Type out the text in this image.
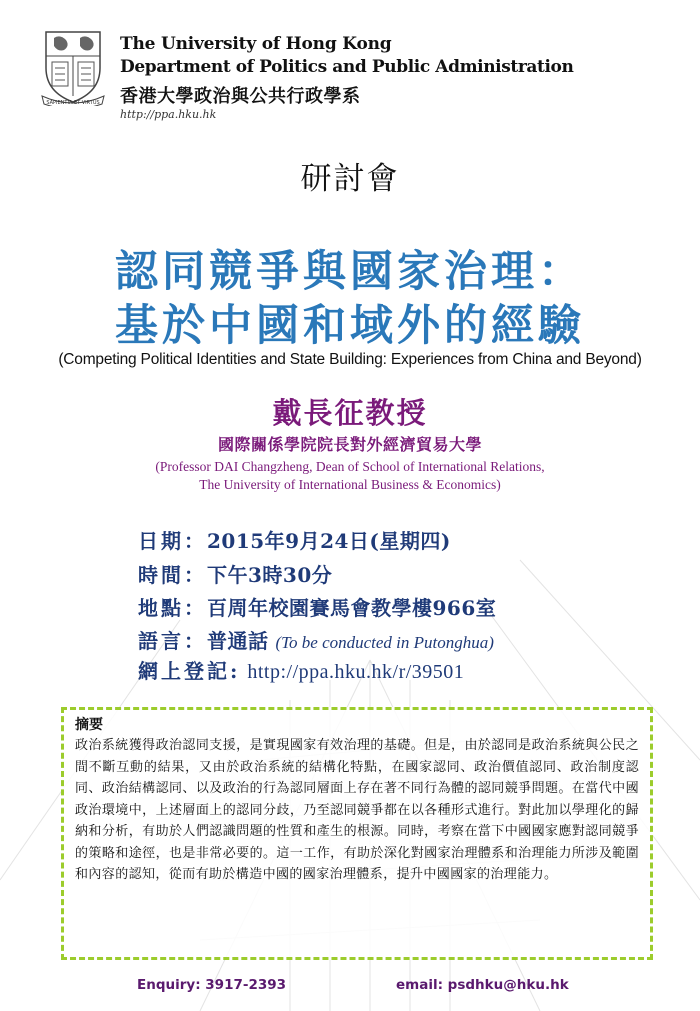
SAPIENTIA ET VIRTUS
The University of Hong Kong
Department of Politics and Public Administration
香港大學政治與公共行政學系
http://ppa.hku.hk
研討會
認同競爭與國家治理：
基於中國和域外的經驗
(Competing Political Identities and State Building: Experiences from China and Beyond)
戴長征教授
國際關係學院院長對外經濟貿易大學
(Professor DAI Changzheng, Dean of School of International Relations,
The University of International Business & Economics)
日期：2015年9月24日(星期四)
時間：下午3時30分
地點：百周年校園賽馬會教學樓966室
語言：普通話 (To be conducted in Putonghua)
網上登記: http://ppa.hku.hk/r/39501
摘要
政治系統獲得政治認同支援，是實現國家有效治理的基礎。但是，由於認同是政治系統與公民之間不斷互動的結果，又由於政治系統的結構化特點，在國家認同、政治價值認同、政治制度認同、政治結構認同、以及政治的行為認同層面上存在著不同行為體的認同競爭問題。在當代中國政治環境中，上述層面上的認同分歧，乃至認同競爭都在以各種形式進行。對此加以學理化的歸納和分析，有助於人們認識問題的性質和產生的根源。同時，考察在當下中國國家應對認同競爭的策略和途徑，也是非常必要的。這一工作，有助於深化對國家治理體系和治理能力所涉及範圍和內容的認知，從而有助於構造中國的國家治理體系，提升中國國家的治理能力。
Enquiry: 3917-2393	email: psdhku@hku.hk
